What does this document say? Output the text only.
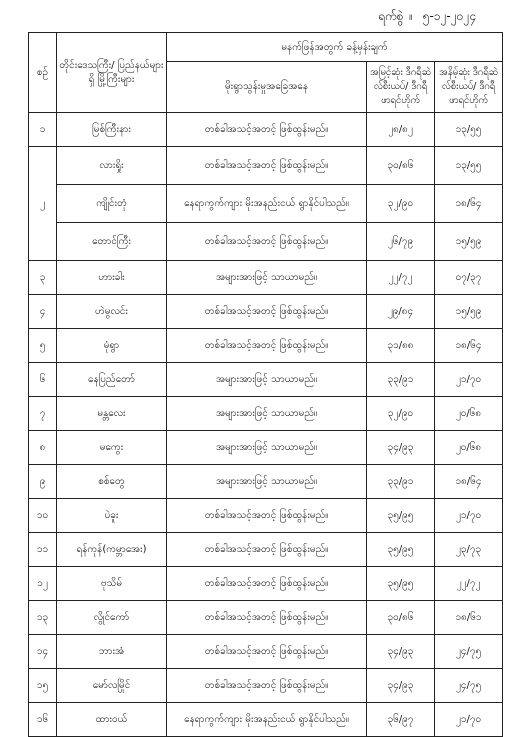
ရက်စွဲ ။ ၅-၁၂-၂၀၂၄
စဉ်	တိုင်းဒေသကြီး/ ပြည်နယ်များရှိ မြို့ကြီးများ	မနက်ဖြန်အတွက် ခန့်မှန်းချက်		
		မိုးရွာသွန်းမှုအခြေအနေ	အမြင့်ဆုံး ဒီဂရီဆဲလ်စီးယပ်/ ဒီဂရီဖာရင်ဟိုက်	အနိမ့်ဆုံး ဒီဂရီဆဲလ်စီးယပ်/ ဒီဂရီဖာရင်ဟိုက်
၁	မြစ်ကြီးနား	တစ်ခါအသင့်အတင့် ဖြစ်ထွန်းမည်။	၂၈/၈၂	၁၃/၅၅
၂	လားရှိုး	တစ်ခါအသင့်အတင့် ဖြစ်ထွန်းမည်။	၃၀/၈၆	၁၃/၅၅
	ကျိုင်းတုံ	နေရာကွက်ကျား မိုးအနည်းငယ် ရွာနိုင်ပါသည်။	၃၂/၉၀	၁၈/၆၄
	တောင်ကြီး	တစ်ခါအသင့်အတင့် ဖြစ်ထွန်းမည်။	၂၆/၇၉	၁၅/၅၉
၃	ဟားခါး	အများအားဖြင့် သာယာမည်။	၂၂/၇၂	၀၇/၃၇
၄	ဟဲမွလင်း	တစ်ခါအသင့်အတင့် ဖြစ်ထွန်းမည်။	၂၉/၈၄	၁၅/၅၉
၅	မုံရွာ	တစ်ခါအသင့်အတင့် ဖြစ်ထွန်းမည်။	၃၁/၈၈	၁၈/၆၄
၆	နေပြည်တော်	အများအားဖြင့် သာယာမည်။	၃၃/၉၁	၂၁/၇၀
၇	မန္တလေး	အများအားဖြင့် သာယာမည်။	၃၂/၉၀	၂၀/၆၈
၈	မကွေး	အများအားဖြင့် သာယာမည်။	၃၄/၉၃	၂၀/၆၈
၉	စစ်တွေ	အများအားဖြင့် သာယာမည်။	၃၃/၉၁	၁၈/၆၄
၁၀	ပဲခူး	တစ်ခါအသင့်အတင့် ဖြစ်ထွန်းမည်။	၃၅/၉၅	၂၁/၇၀
၁၁	ရန်ကုန်(ကမ္ဘာအေး)	တစ်ခါအသင့်အတင့် ဖြစ်ထွန်းမည်။	၃၅/၉၅	၂၃/၇၃
၁၂	ဗုသိမ်	တစ်ခါအသင့်အတင့် ဖြစ်ထွန်းမည်။	၃၅/၉၅	၂၂/၇၂
၁၃	လွိုင်ကော်	တစ်ခါအသင့်အတင့် ဖြစ်ထွန်းမည်။	၃၀/၈၆	၁၈/၆၁
၁၄	ဘားအံ	တစ်ခါအသင့်အတင့် ဖြစ်ထွန်းမည်။	၃၄/၉၃	၂၄/၇၅
၁၅	မော်လမြိုင်	တစ်ခါအသင့်အတင့် ဖြစ်ထွန်းမည်။	၃၄/၉၃	၂၄/၇၅
၁၆	ထားဝယ်	နေရာကွက်ကျား မိုးအနည်းငယ် ရွာနိုင်ပါသည်။	၃၆/၉၇	၂၁/၇၀
